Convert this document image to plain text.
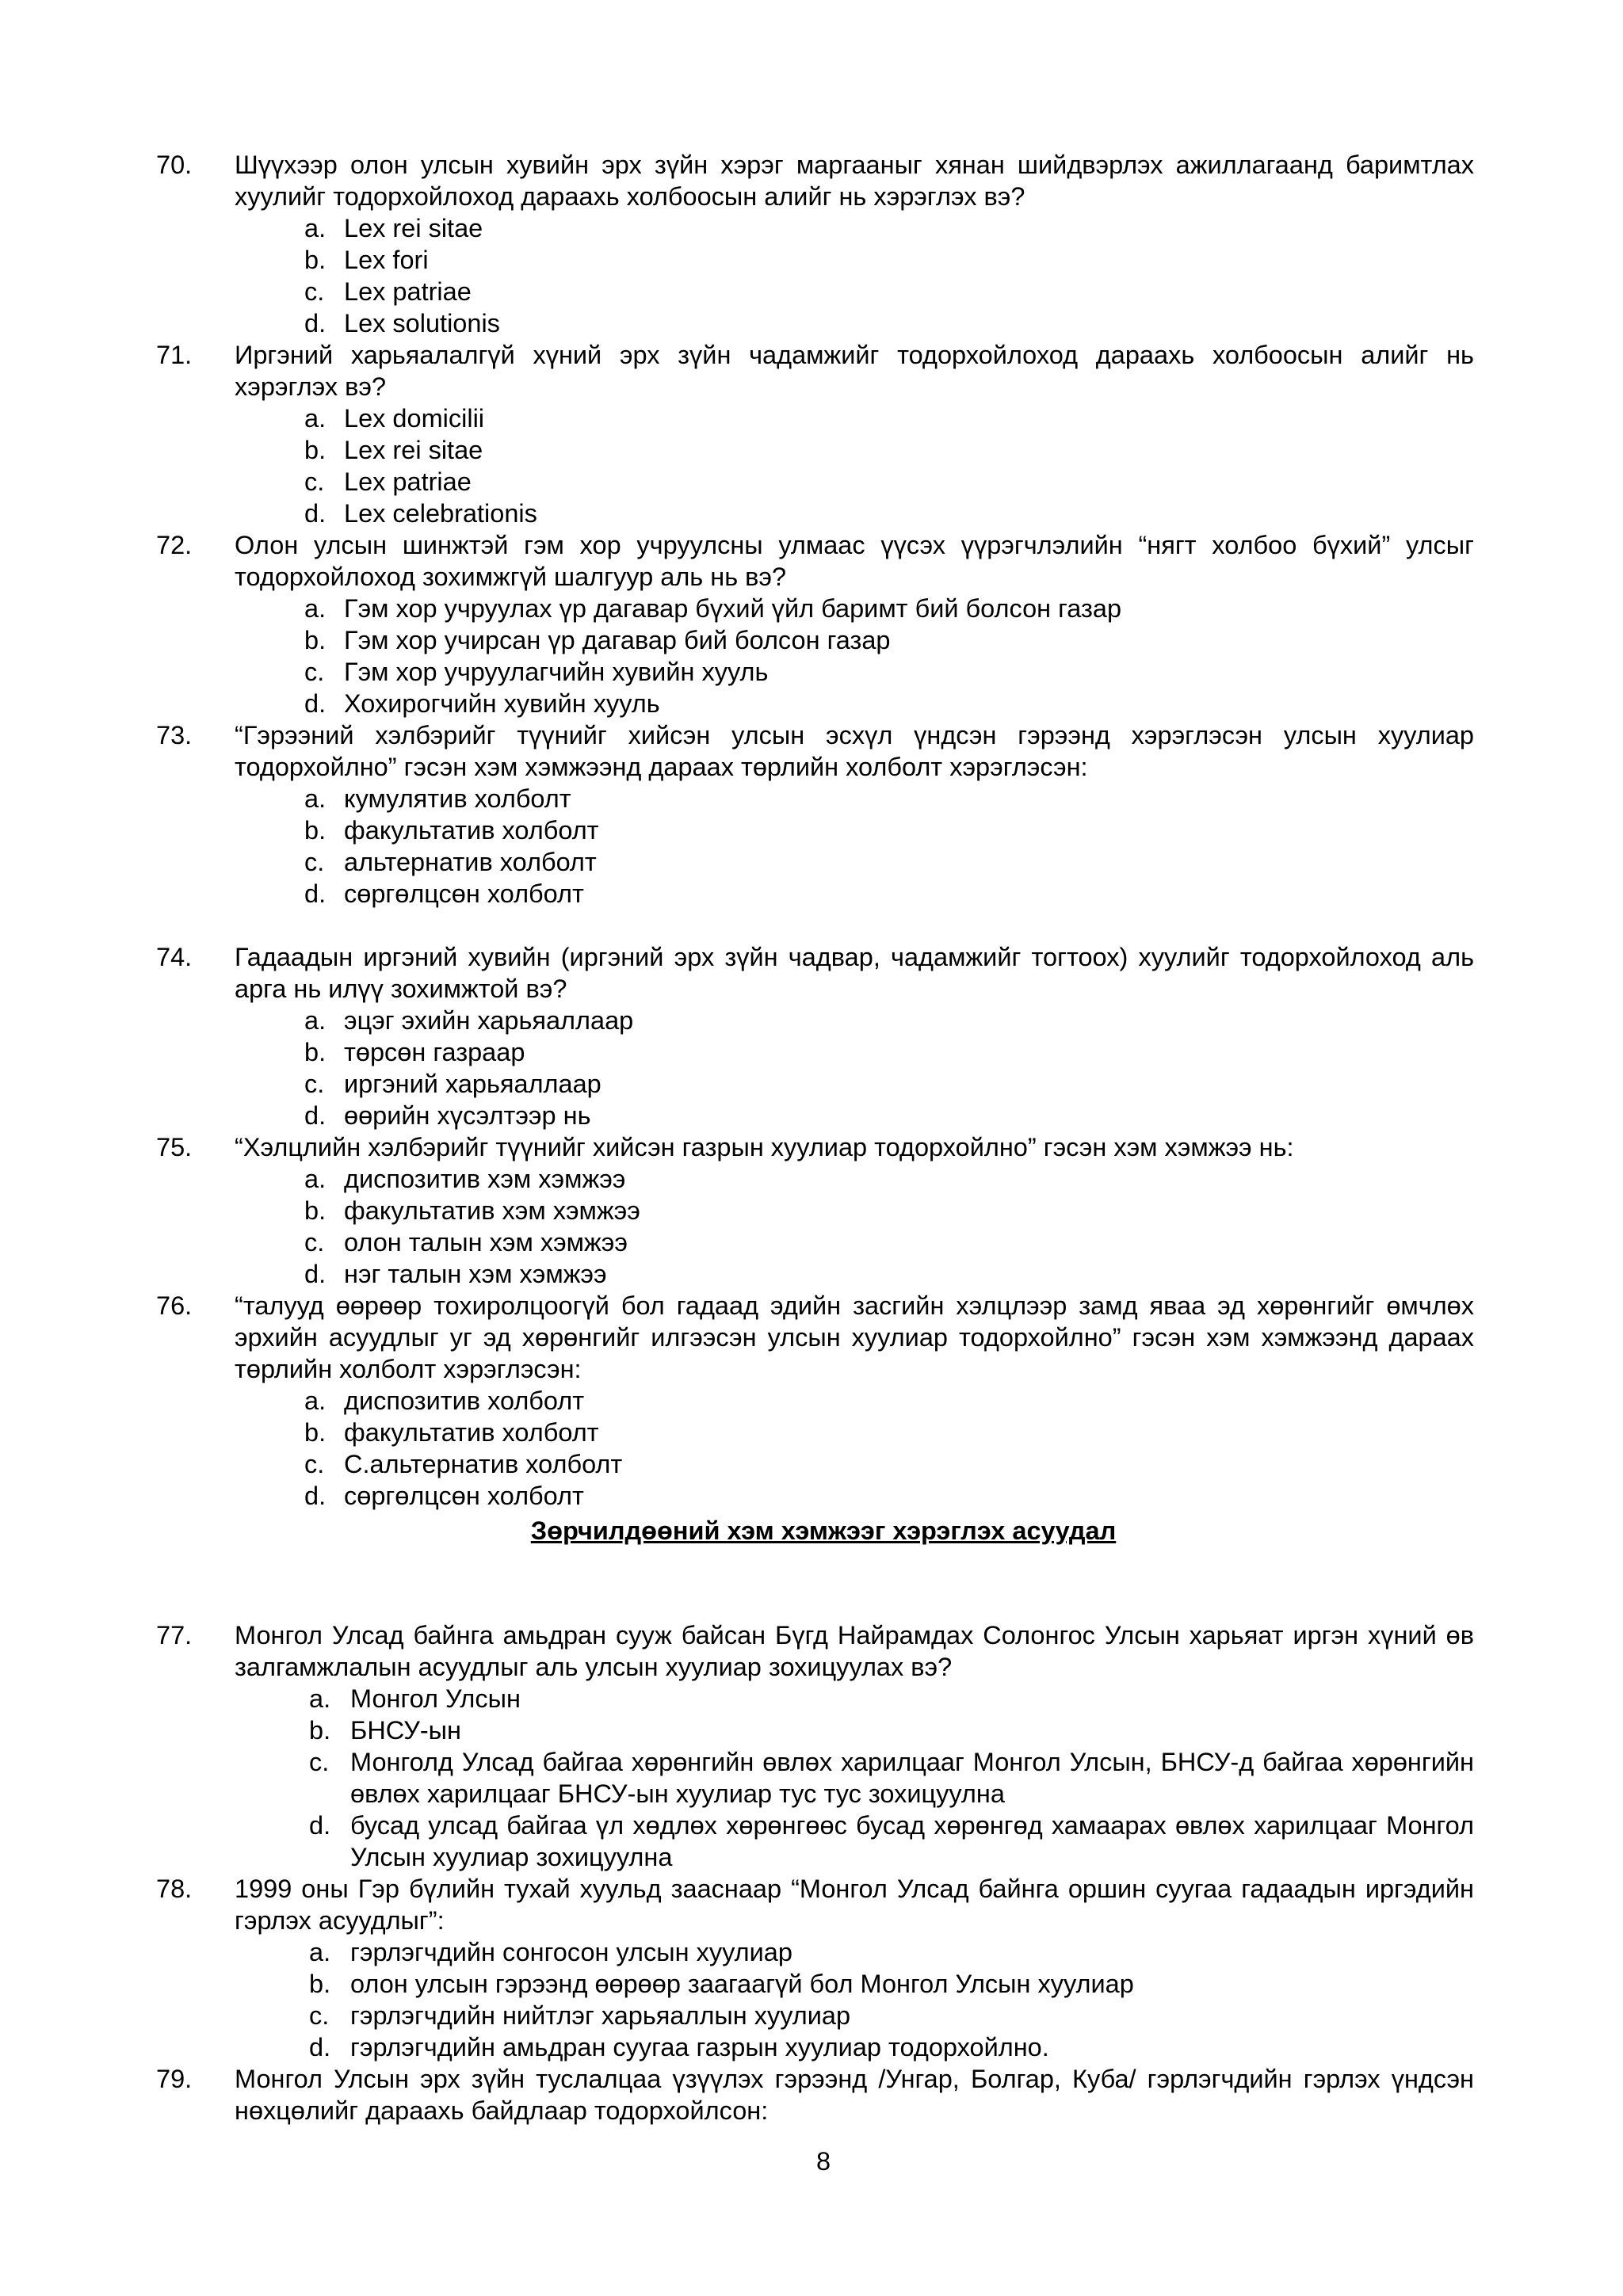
70.	Шүүхээр олон улсын хувийн эрх зүйн хэрэг маргааныг хянан шийдвэрлэх ажиллагаанд баримтлах хуулийг тодорхойлоход дараахь холбоосын алийг нь хэрэглэх вэ?
a. Lex rei sitae
b. Lex fori
c. Lex patriae
d. Lex solutionis
71.	Иргэний харьяалалгүй хүний эрх зүйн чадамжийг тодорхойлоход дараахь холбоосын алийг нь хэрэглэх вэ?
a. Lex domicilii
b. Lex rei sitae
c. Lex patriae
d. Lex celebrationis
72.	Олон улсын шинжтэй гэм хор учруулсны улмаас үүсэх үүрэгчлэлийн “нягт холбоо бүхий” улсыг тодорхойлоход зохимжгүй шалгуур аль нь вэ?
a. Гэм хор учруулах үр дагавар бүхий үйл баримт бий болсон газар
b. Гэм хор учирсан үр дагавар бий болсон газар
c. Гэм хор учруулагчийн хувийн хууль
d. Хохирогчийн хувийн хууль
73.	“Гэрээний хэлбэрийг түүнийг хийсэн улсын эсхүл үндсэн гэрээнд хэрэглэсэн улсын хуулиар тодорхойлно” гэсэн хэм хэмжээнд дараах төрлийн холболт хэрэглэсэн:
a. кумулятив холболт
b. факультатив холболт
c. альтернатив холболт
d. сөргөлцсөн холболт
74.	Гадаадын иргэний хувийн (иргэний эрх зүйн чадвар, чадамжийг тогтоох) хуулийг тодорхойлоход аль арга нь илүү зохимжтой вэ?
a. эцэг эхийн харьяаллаар
b. төрсөн газраар
c. иргэний харьяаллаар
d. өөрийн хүсэлтээр нь
75.	“Хэлцлийн хэлбэрийг түүнийг хийсэн газрын хуулиар тодорхойлно” гэсэн хэм хэмжээ нь:
a. диспозитив хэм хэмжээ
b. факультатив хэм хэмжээ
c. олон талын хэм хэмжээ
d. нэг талын хэм хэмжээ
76.	“талууд өөрөөр тохиролцоогүй бол гадаад эдийн засгийн хэлцлээр замд яваа эд хөрөнгийг өмчлөх эрхийн асуудлыг уг эд хөрөнгийг илгээсэн улсын хуулиар тодорхойлно” гэсэн хэм хэмжээнд дараах төрлийн холболт хэрэглэсэн:
a. диспозитив холболт
b. факультатив холболт
c. С.альтернатив холболт
d. сөргөлцсөн холболт
Зөрчилдөөний хэм хэмжээг хэрэглэх асуудал
77.	Монгол Улсад байнга амьдран сууж байсан Бүгд Найрамдах Солонгос Улсын харьяат иргэн хүний өв залгамжлалын асуудлыг аль улсын хуулиар зохицуулах вэ?
a. Монгол Улсын
b. БНСУ-ын
c. Монголд Улсад байгаа хөрөнгийн өвлөх харилцааг Монгол Улсын, БНСУ-д байгаа хөрөнгийн өвлөх харилцааг БНСУ-ын хуулиар тус тус зохицуулна
d. бусад улсад байгаа үл хөдлөх хөрөнгөөс бусад хөрөнгөд хамаарах өвлөх харилцааг Монгол Улсын хуулиар зохицуулна
78.	1999 оны Гэр бүлийн тухай хуульд зааснаар “Монгол Улсад байнга оршин суугаа гадаадын иргэдийн гэрлэх асуудлыг”:
a. гэрлэгчдийн сонгосон улсын хуулиар
b. олон улсын гэрээнд өөрөөр заагаагүй бол Монгол Улсын хуулиар
c. гэрлэгчдийн нийтлэг харьяаллын хуулиар
d. гэрлэгчдийн амьдран суугаа газрын хуулиар тодорхойлно.
79.	Монгол Улсын эрх зүйн туслалцаа үзүүлэх гэрээнд /Унгар, Болгар, Куба/ гэрлэгчдийн гэрлэх үндсэн нөхцөлийг дараахь байдлаар тодорхойлсон:
8
